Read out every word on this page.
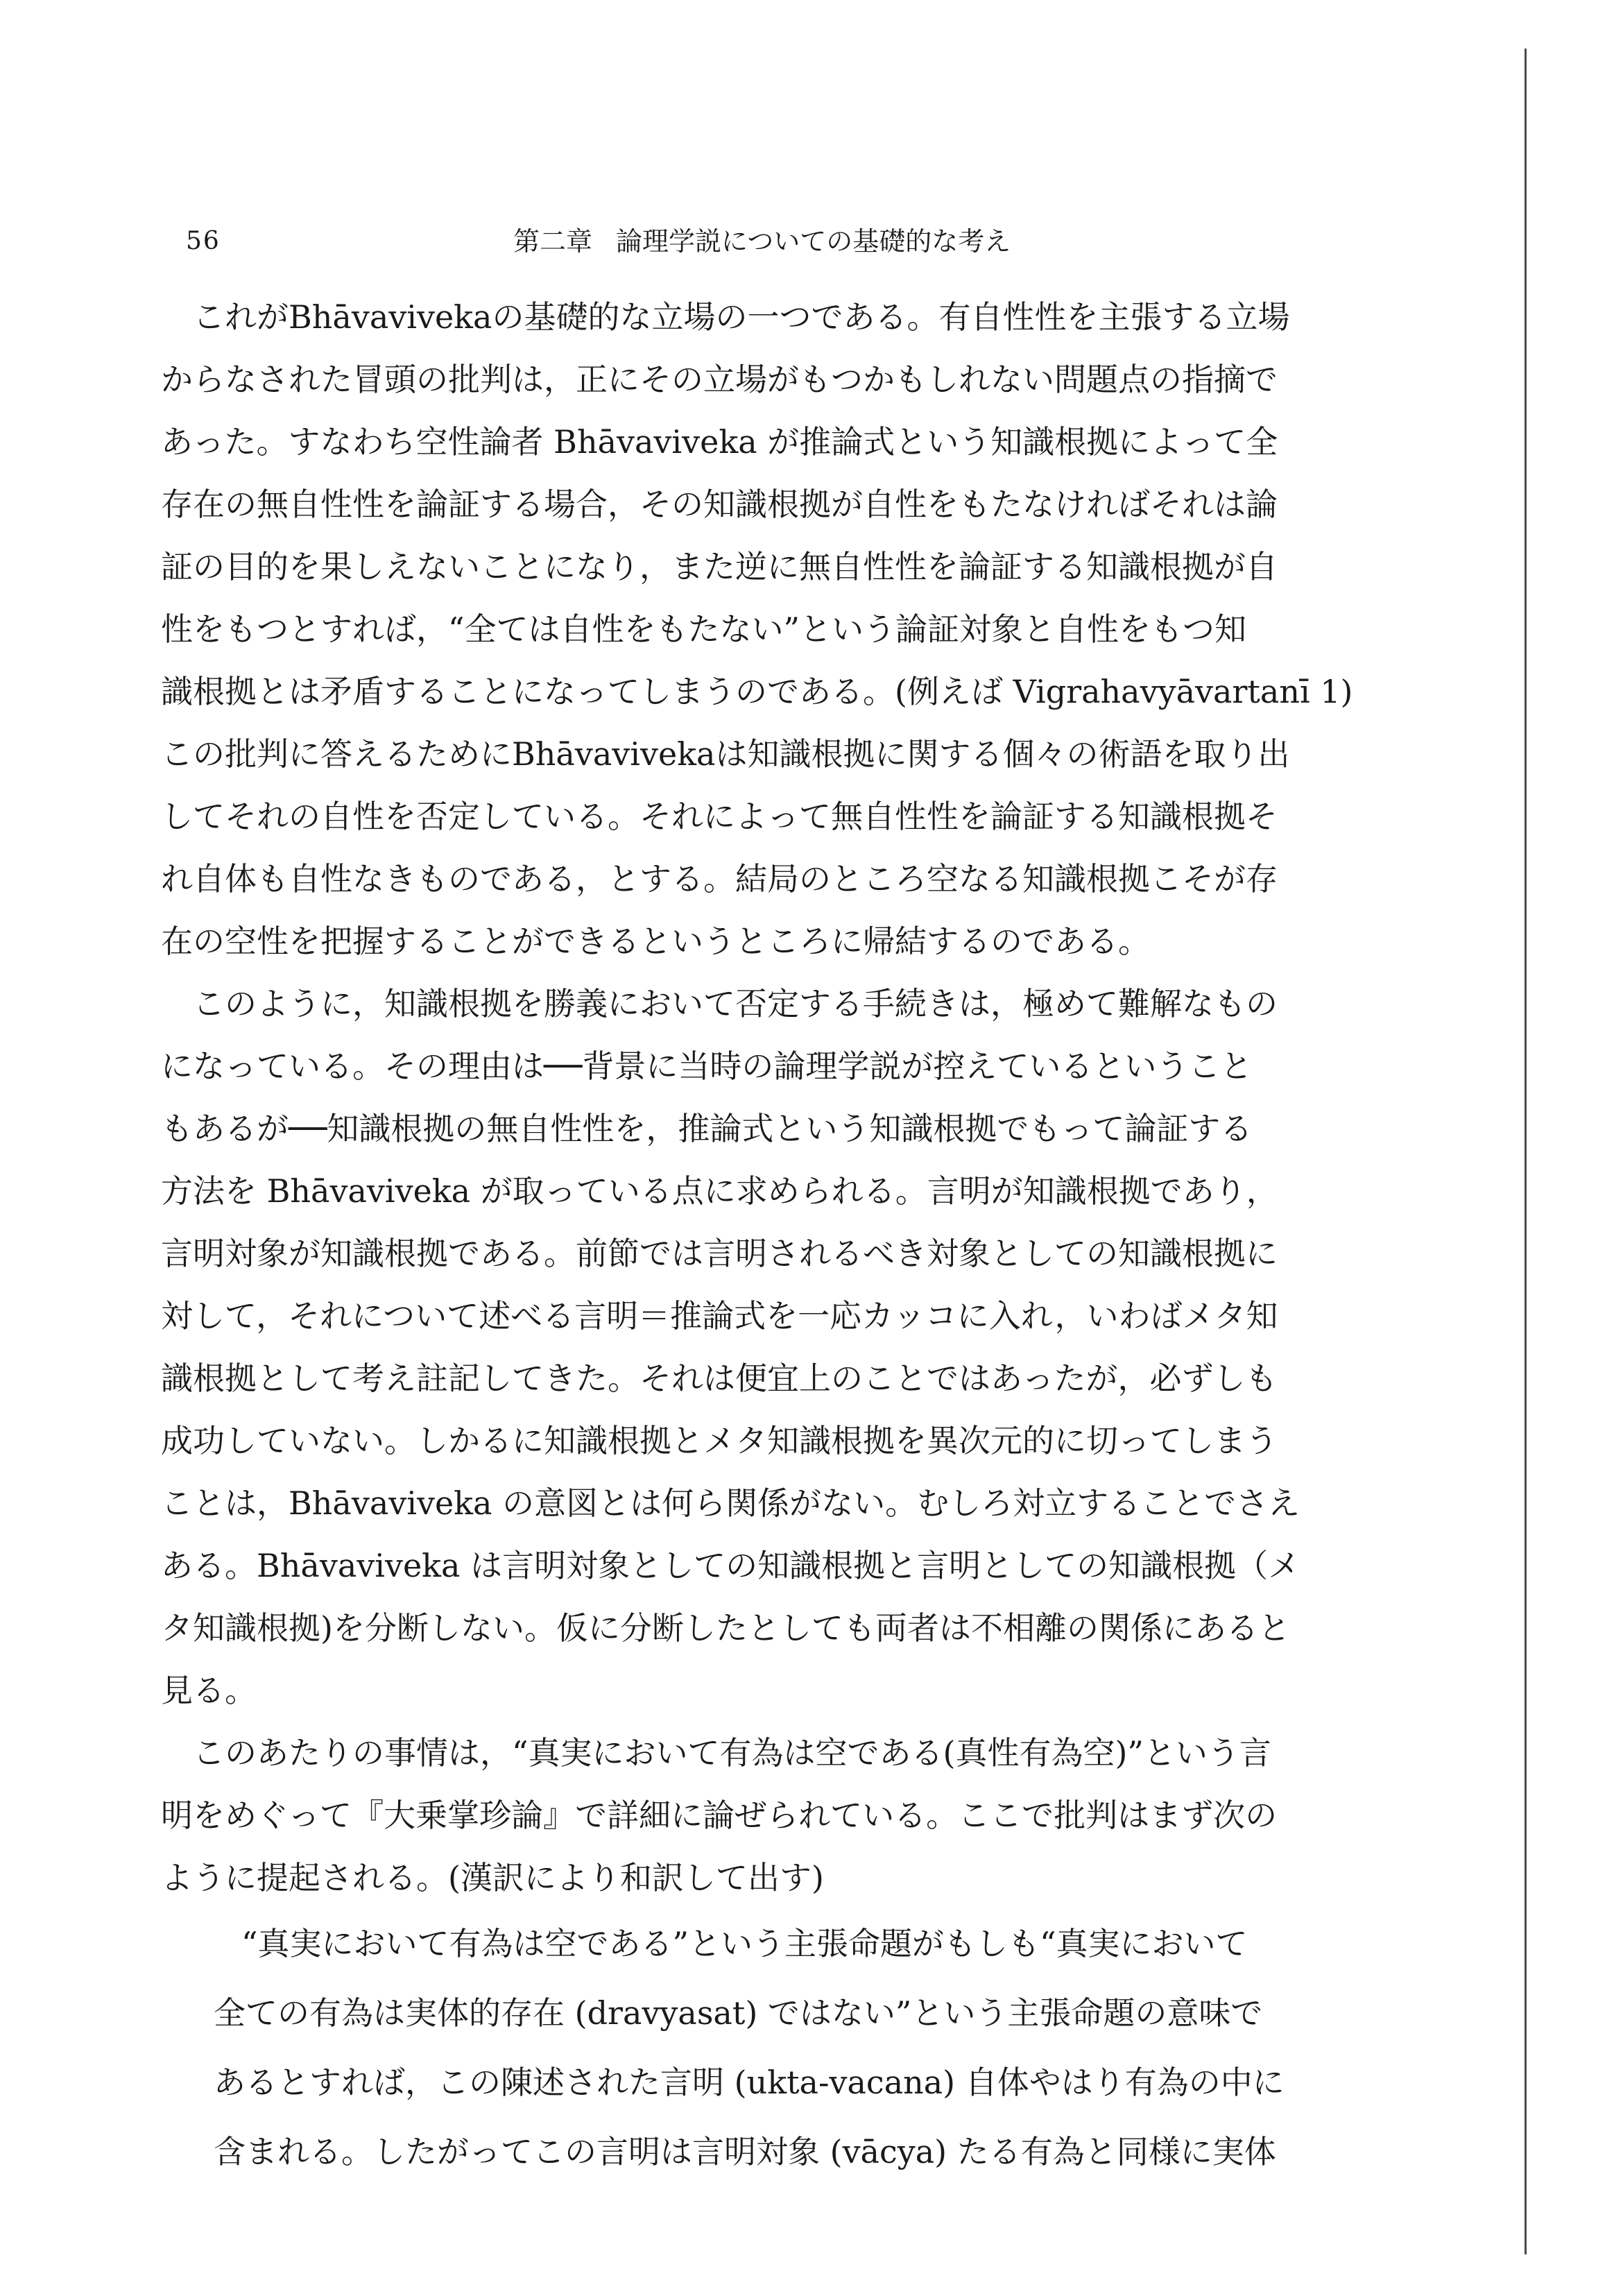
56	第二章 論理学説についての基礎的な考え
これがBhāvavivekaの基礎的な立場の一つである。有自性性を主張する立場
からなされた冒頭の批判は，正にその立場がもつかもしれない問題点の指摘で
あった。すなわち空性論者 Bhāvaviveka が推論式という知識根拠によって全
存在の無自性性を論証する場合，その知識根拠が自性をもたなければそれは論
証の目的を果しえないことになり，また逆に無自性性を論証する知識根拠が自
性をもつとすれば，“全ては自性をもたない”という論証対象と自性をもつ知
識根拠とは矛盾することになってしまうのである。(例えば Vigrahavyāvartanī 1)
この批判に答えるためにBhāvavivekaは知識根拠に関する個々の術語を取り出
してそれの自性を否定している。それによって無自性性を論証する知識根拠そ
れ自体も自性なきものである，とする。結局のところ空なる知識根拠こそが存
在の空性を把握することができるというところに帰結するのである。
このように，知識根拠を勝義において否定する手続きは，極めて難解なもの
になっている。その理由は──背景に当時の論理学説が控えているということ
もあるが──知識根拠の無自性性を，推論式という知識根拠でもって論証する
方法を Bhāvaviveka が取っている点に求められる。言明が知識根拠であり，
言明対象が知識根拠である。前節では言明されるべき対象としての知識根拠に
対して，それについて述べる言明＝推論式を一応カッコに入れ，いわばメタ知
識根拠として考え註記してきた。それは便宜上のことではあったが，必ずしも
成功していない。しかるに知識根拠とメタ知識根拠を異次元的に切ってしまう
ことは，Bhāvaviveka の意図とは何ら関係がない。むしろ対立することでさえ
ある。Bhāvaviveka は言明対象としての知識根拠と言明としての知識根拠（メ
タ知識根拠)を分断しない。仮に分断したとしても両者は不相離の関係にあると
見る。
このあたりの事情は，“真実において有為は空である(真性有為空)”という言
明をめぐって『大乗掌珍論』で詳細に論ぜられている。ここで批判はまず次の
ように提起される。(漢訳により和訳して出す)
“真実において有為は空である”という主張命題がもしも“真実において
全ての有為は実体的存在 (dravyasat) ではない”という主張命題の意味で
あるとすれば，この陳述された言明 (ukta-vacana) 自体やはり有為の中に
含まれる。したがってこの言明は言明対象 (vācya) たる有為と同様に実体
